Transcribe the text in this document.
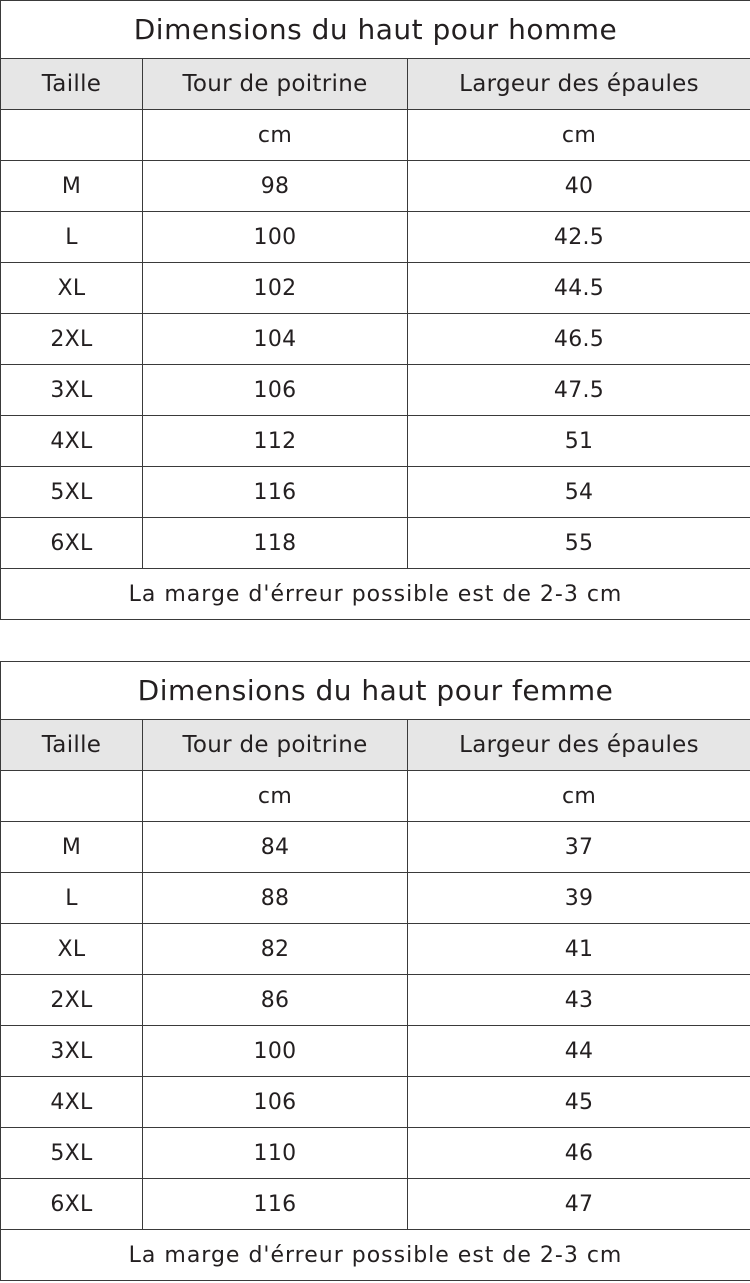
Dimensions du haut pour homme		
Taille	Tour de poitrine	Largeur des épaules
	cm	cm
M	98	40
L	100	42.5
XL	102	44.5
2XL	104	46.5
3XL	106	47.5
4XL	112	51
5XL	116	54
6XL	118	55
La marge d'érreur possible est de 2-3 cm		
Dimensions du haut pour femme		
Taille	Tour de poitrine	Largeur des épaules
	cm	cm
M	84	37
L	88	39
XL	82	41
2XL	86	43
3XL	100	44
4XL	106	45
5XL	110	46
6XL	116	47
La marge d'érreur possible est de 2-3 cm		
